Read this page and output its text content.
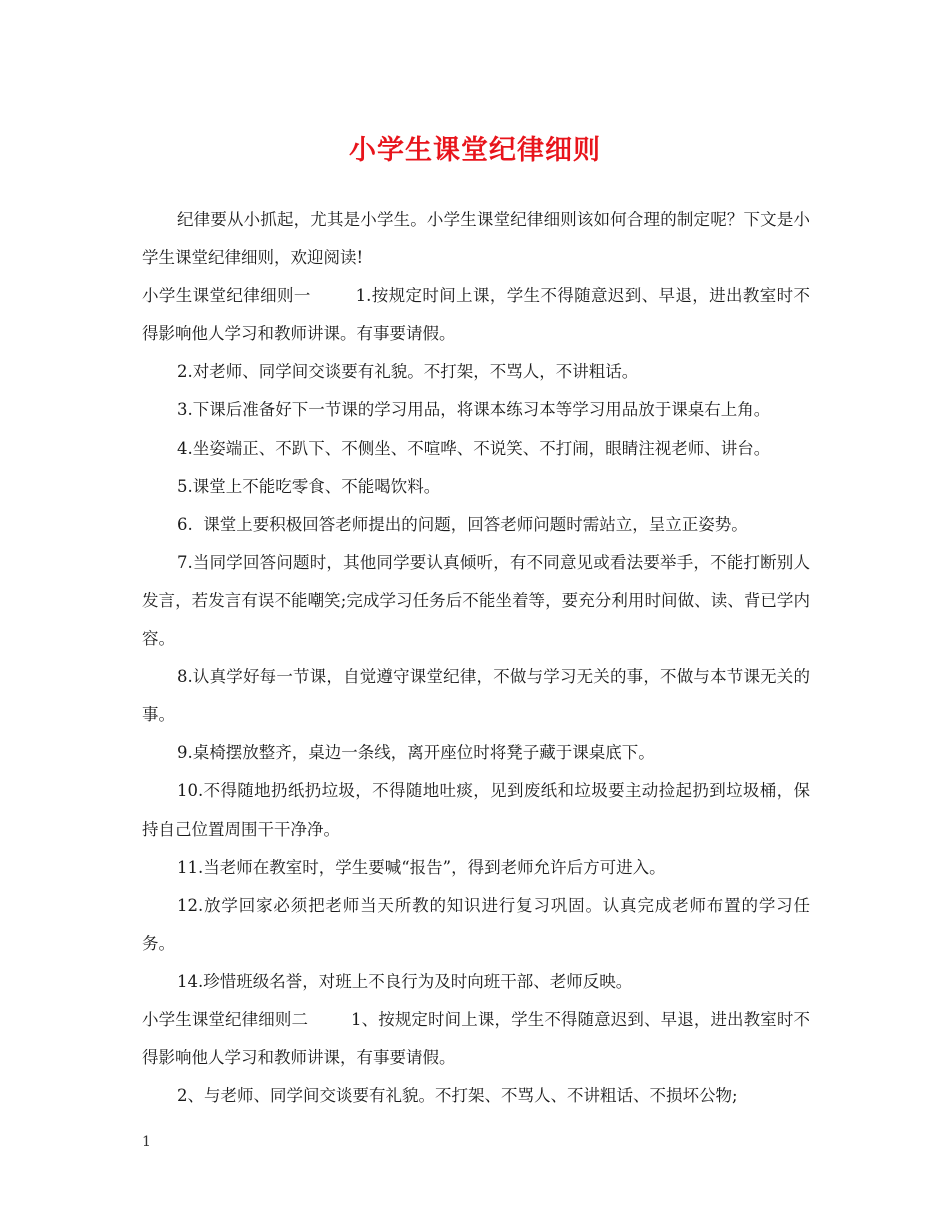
小学生课堂纪律细则

纪律要从小抓起，尤其是小学生。小学生课堂纪律细则该如何合理的制定呢？下文是小学生课堂纪律细则，欢迎阅读!

小学生课堂纪律细则一	1.按规定时间上课，学生不得随意迟到、早退，进出教室时不得影响他人学习和教师讲课。有事要请假。

2.对老师、同学间交谈要有礼貌。不打架，不骂人，不讲粗话。

3.下课后准备好下一节课的学习用品，将课本练习本等学习用品放于课桌右上角。

4.坐姿端正、不趴下、不侧坐、不喧哗、不说笑、不打闹，眼睛注视老师、讲台。

5.课堂上不能吃零食、不能喝饮料。

6.  课堂上要积极回答老师提出的问题，回答老师问题时需站立，呈立正姿势。

7.当同学回答问题时，其他同学要认真倾听，有不同意见或看法要举手，不能打断别人发言，若发言有误不能嘲笑;完成学习任务后不能坐着等，要充分利用时间做、读、背已学内容。

8.认真学好每一节课，自觉遵守课堂纪律，不做与学习无关的事，不做与本节课无关的事。

9.桌椅摆放整齐，桌边一条线，离开座位时将凳子藏于课桌底下。

10.不得随地扔纸扔垃圾，不得随地吐痰，见到废纸和垃圾要主动捡起扔到垃圾桶，保持自己位置周围干干净净。

11.当老师在教室时，学生要喊“报告”，得到老师允许后方可进入。

12.放学回家必须把老师当天所教的知识进行复习巩固。认真完成老师布置的学习任务。

14.珍惜班级名誉，对班上不良行为及时向班干部、老师反映。

小学生课堂纪律细则二	1、按规定时间上课，学生不得随意迟到、早退，进出教室时不得影响他人学习和教师讲课，有事要请假。

2、与老师、同学间交谈要有礼貌。不打架、不骂人、不讲粗话、不损坏公物;

1
